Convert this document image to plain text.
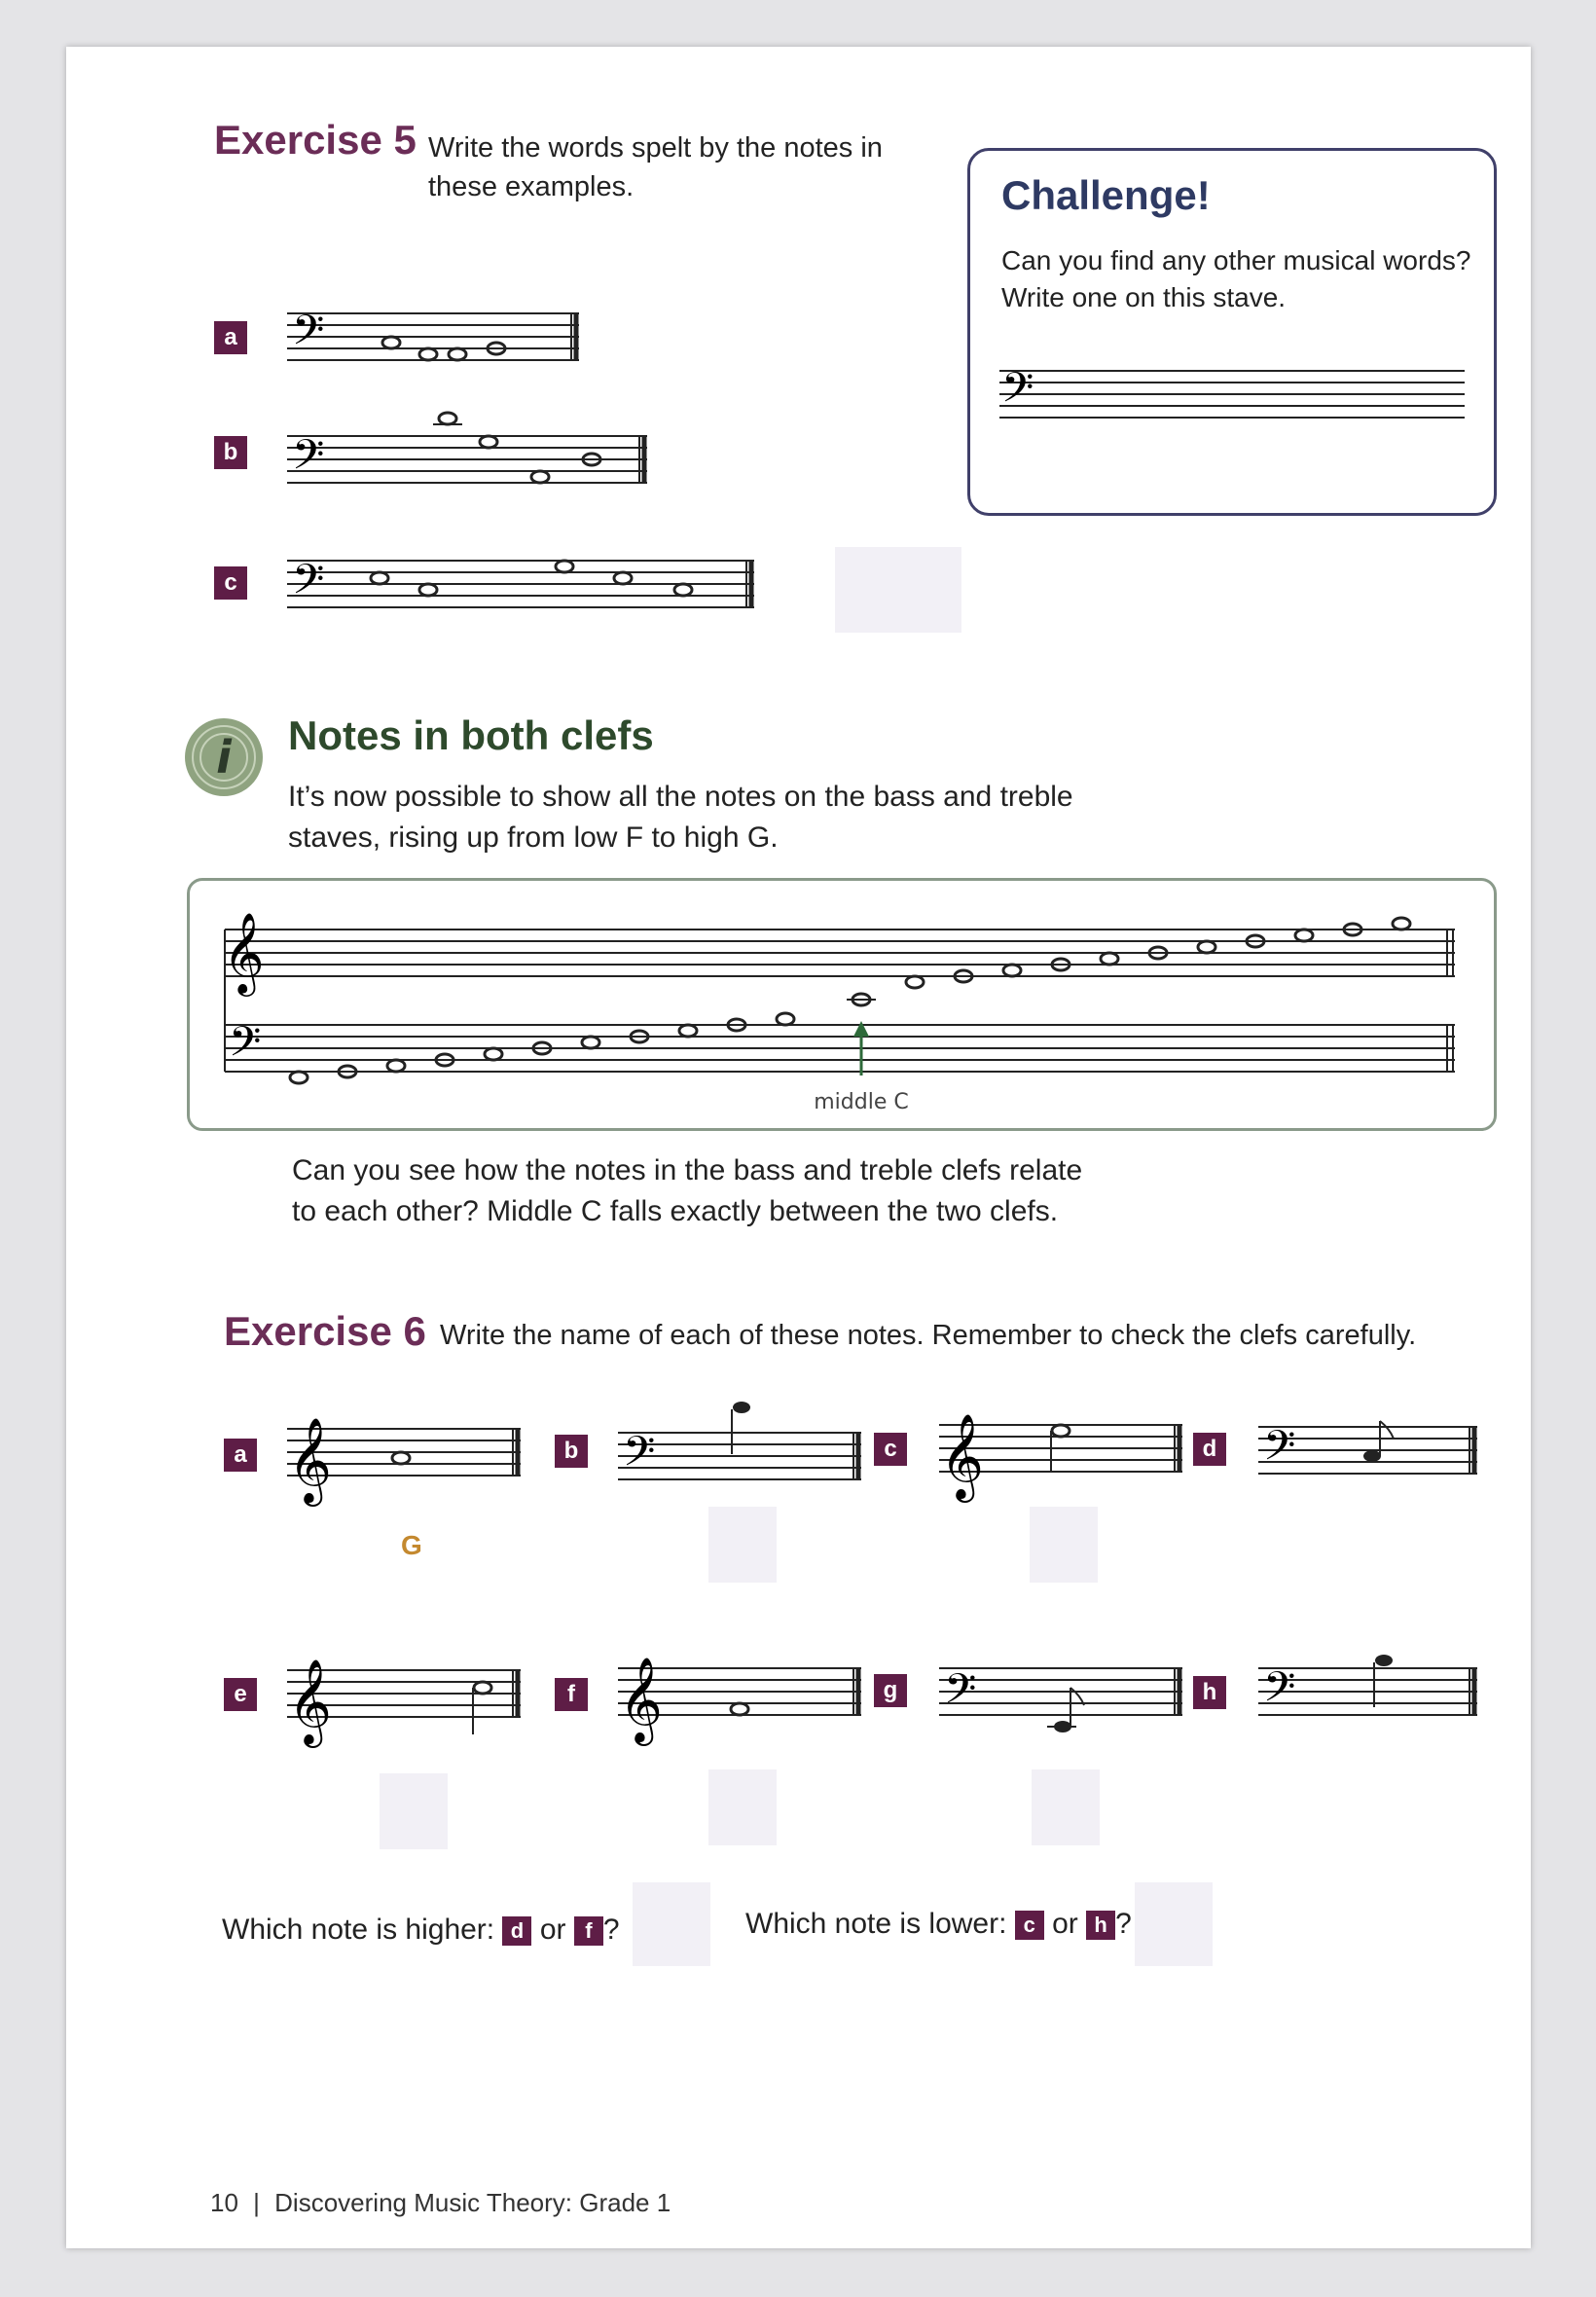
Exercise 5 Write the words spelt by the notes in
these examples.
a 𝄢
b 𝄢
c 𝄢
Challenge!
Can you find any other musical words?
Write one on this stave.
𝄢
i Notes in both clefs
It’s now possible to show all the notes on the bass and treble
staves, rising up from low F to high G.
𝄞
𝄢
middle C
Can you see how the notes in the bass and treble clefs relate
to each other? Middle C falls exactly between the two clefs.
Exercise 6 Write the name of each of these notes. Remember to check the clefs carefully.
a 𝄞
G
b 𝄢	c 𝄞	d 𝄢
e 𝄞	f 𝄞	g 𝄢	h 𝄢
Which note is higher: d or f ?	Which note is lower: c or h ?
10 | Discovering Music Theory: Grade 1
